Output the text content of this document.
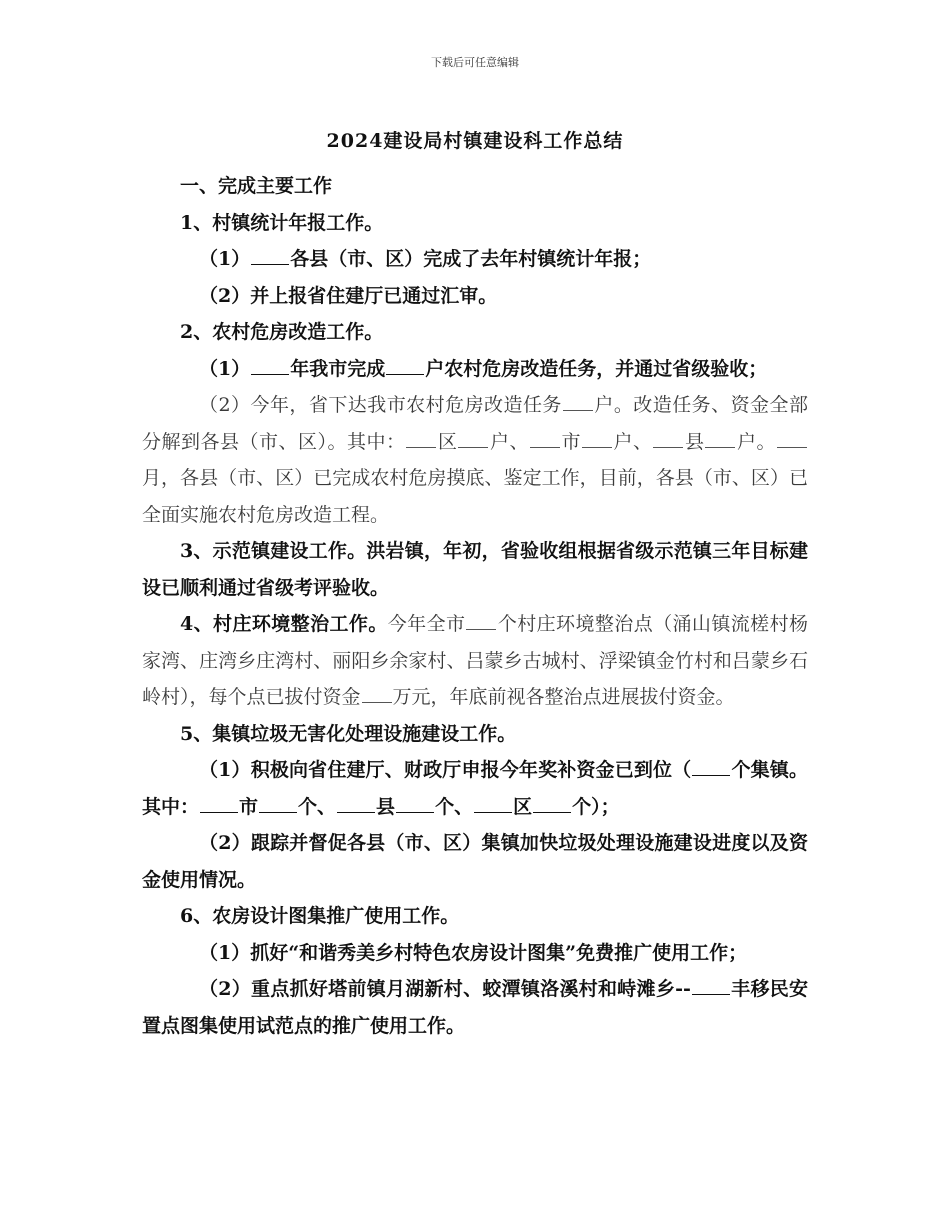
下载后可任意编辑
2024建设局村镇建设科工作总结

一、完成主要工作

1、村镇统计年报工作。

（1） 各县（市、区）完成了去年村镇统计年报；

（2）并上报省住建厅已通过汇审。

2、农村危房改造工作。

（1） 年我市完成 户农村危房改造任务，并通过省级验收；

（2）今年，省下达我市农村危房改造任务 户。改造任务、资金全部分解到各县（市、区）。其中： 区 户、 市 户、 县 户。月，各县（市、区）已完成农村危房摸底、鉴定工作，目前，各县（市、区）已全面实施农村危房改造工程。

3、示范镇建设工作。洪岩镇，年初，省验收组根据省级示范镇三年目标建设已顺利通过省级考评验收。

4、村庄环境整治工作。今年全市 个村庄环境整治点（涌山镇流槎村杨家湾、庄湾乡庄湾村、丽阳乡余家村、吕蒙乡古城村、浮梁镇金竹村和吕蒙乡石岭村），每个点已拔付资金 万元，年底前视各整治点进展拔付资金。

5、集镇垃圾无害化处理设施建设工作。

（1）积极向省住建厅、财政厅申报今年奖补资金已到位（ 个集镇。其中： 市 个、 县 个、 区 个）；

（2）跟踪并督促各县（市、区）集镇加快垃圾处理设施建设进度以及资金使用情况。

6、农房设计图集推广使用工作。

（1）抓好“和谐秀美乡村特色农房设计图集”免费推广使用工作；

（2）重点抓好塔前镇月湖新村、蛟潭镇洛溪村和峙滩乡-- 丰移民安置点图集使用试范点的推广使用工作。
